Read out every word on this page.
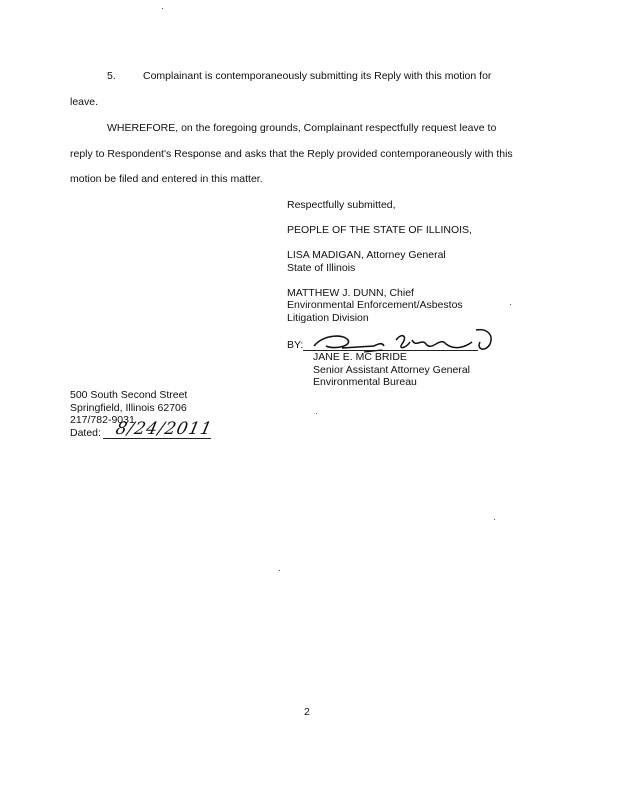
5.	Complainant is contemporaneously submitting its Reply with this motion for
leave.
WHEREFORE, on the foregoing grounds, Complainant respectfully request leave to
reply to Respondent's Response and asks that the Reply provided contemporaneously with this
motion be filed and entered in this matter.
Respectfully submitted,
PEOPLE OF THE STATE OF ILLINOIS,
LISA MADIGAN, Attorney General
State of Illinois
MATTHEW J. DUNN, Chief
Environmental Enforcement/Asbestos
Litigation Division
BY:
JANE E. MC BRIDE
Senior Assistant Attorney General
Environmental Bureau
500 South Second Street
Springfield, Illinois 62706
217/782-9031
Dated: 8/24/2011
2
